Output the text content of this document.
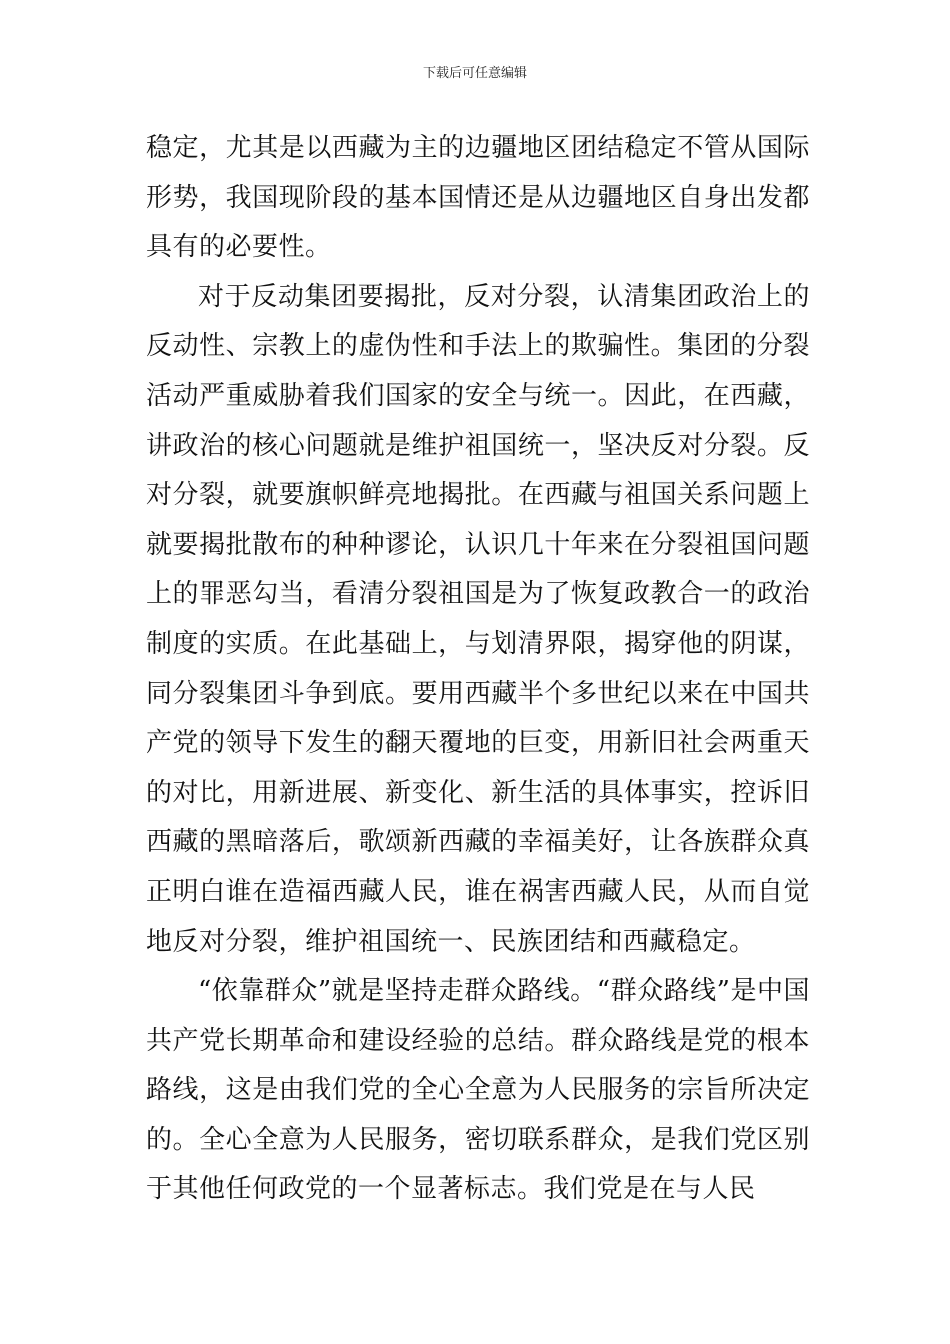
下载后可任意编辑

稳定，尤其是以西藏为主的边疆地区团结稳定不管从国际形势，我国现阶段的基本国情还是从边疆地区自身出发都具有的必要性。

对于反动集团要揭批，反对分裂，认清集团政治上的反动性、宗教上的虚伪性和手法上的欺骗性。集团的分裂活动严重威胁着我们国家的安全与统一。因此，在西藏，讲政治的核心问题就是维护祖国统一，坚决反对分裂。反对分裂，就要旗帜鲜亮地揭批。在西藏与祖国关系问题上就要揭批散布的种种谬论，认识几十年来在分裂祖国问题上的罪恶勾当，看清分裂祖国是为了恢复政教合一的政治制度的实质。在此基础上，与划清界限，揭穿他的阴谋，同分裂集团斗争到底。要用西藏半个多世纪以来在中国共产党的领导下发生的翻天覆地的巨变，用新旧社会两重天的对比，用新进展、新变化、新生活的具体事实，控诉旧西藏的黑暗落后，歌颂新西藏的幸福美好，让各族群众真正明白谁在造福西藏人民，谁在祸害西藏人民，从而自觉地反对分裂，维护祖国统一、民族团结和西藏稳定。

“依靠群众”就是坚持走群众路线。“群众路线”是中国共产党长期革命和建设经验的总结。群众路线是党的根本路线，这是由我们党的全心全意为人民服务的宗旨所决定的。全心全意为人民服务，密切联系群众，是我们党区别于其他任何政党的一个显著标志。我们党是在与人民
